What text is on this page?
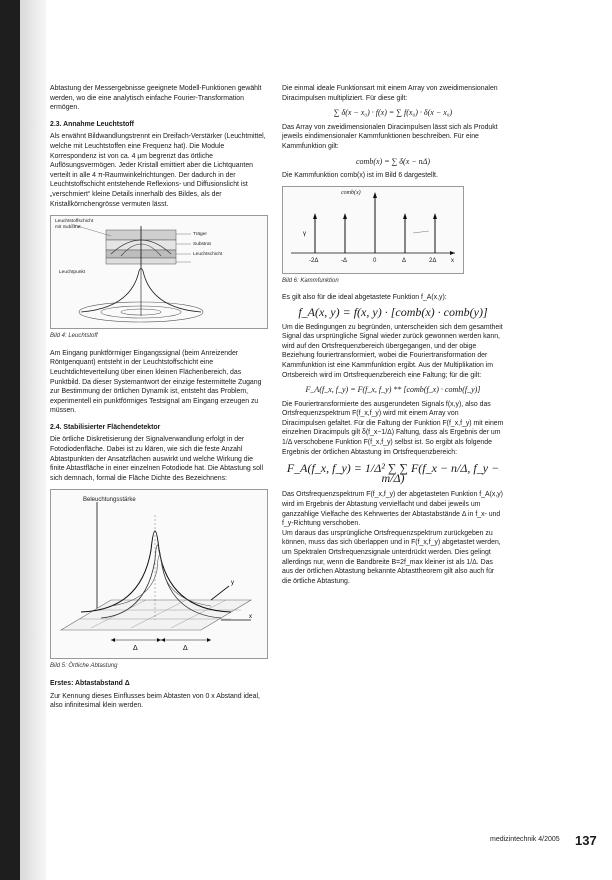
Abtastung der Messergebnisse geeignete Modell-Funktionen gewählt werden, wo die eine analytisch einfache Fourier-Transformation ermögen.

2.3. Annahme Leuchtstoff

Als erwähnt Bildwandlungstrennt ein Dreifach-Verstärker (Leuchtmittel, welche mit Leuchtstoffen eine Frequenz hat). Die Module Korrespondenz ist von ca. 4 µm begrenzt das örtliche Auflösungsvermögen. Jeder Kristall emittiert aber die Lichtquanten verteilt in alle 4 π-Raumwinkelrichtungen. Der dadurch in der Leuchtstoffschicht entstehende Reflexions- und Diffusionslicht ist „verschmiert“ kleine Details innerhalb des Bildes, als der Kristallkörnchengrösse vermuten lässt.

Leuchtstoffschicht mit Substrat
Träger
Substrat
Leuchtschicht
Leuchtpunkt
Bild 4: Leuchtstoff

Am Eingang punktförmiger Eingangssignal (beim Anreizender Röntgenquant) entsteht in der Leuchtstoffschicht eine Leuchtdichteverteilung über einen kleinen Flächenbereich, das Punktbild. Da dieser Systemantwort der einzige festermittelte Zugang zur Bestimmung der örtlichen Dynamik ist, entsteht das Problem, experimentell ein punktförmiges Testsignal am Eingang erzeugen zu müssen.

2.4. Stabilisierter Flächendetektor

Die örtliche Diskretisierung der Signalverwandlung erfolgt in der Fotodiodenfläche. Dabei ist zu klären, wie sich die feste Anzahl Abtastpunkten der Ansatzflächen auswirkt und welche Wirkung die finite Abtastfläche in einer einzelnen Fotodiode hat. Die Abtastung soll sich demnach, formal die Fläche Dichte des Bezeichnens:

Δ	Δ
y
x
Beleuchtungsstärke
Bild 5: Örtliche Abtastung
Erstes: Abtastabstand Δ

Zur Kennung dieses Einflusses beim Abtasten von 0 x Abstand ideal, also infinitesimal klein werden.

Die einmal ideale Funktionsart mit einem Array von zweidimensionalen Diracimpulsen multipliziert. Für diese gilt:

∑ δ(x − x₀) · f(x) = ∑ f(x₀) · δ(x − x₀)

Das Array von zweidimensionalen Diracimpulsen lässt sich als Produkt jeweils eindimensionaler Kammfunktionen beschreiben. Für eine Kammfunktion gilt:

comb(x) = ∑ δ(x − nΔ)

Die Kammfunktion comb(x) ist im Bild 6 dargestellt.

γ
comb(x)
-2Δ	-Δ	0	Δ	2Δ x
Bild 6: Kammfunktion

Es gilt also für die ideal abgetastete Funktion f_A(x,y):

f_A(x, y) = f(x, y) · [comb(x) · comb(y)]

Um die Bedingungen zu begründen, unterscheiden sich dem gesamtheit Signal das ursprüngliche Signal wieder zurück gewonnen werden kann, wird auf den Ortsfrequenzbereich übergegangen, und der obige Beziehung fouriertransformiert, wobei die Fouriertransformation der Kammfunktion ist eine Kammfunktion ergibt. Aus der Multiplikation im Ortsbereich wird im Ortsfrequenzbereich eine Faltung; für die gilt:

F_A(f_x, f_y) = F(f_x, f_y) ** [comb(f_x) · comb(f_y)]

Die Fouriertransformierte des ausgerundeten Signals f(x,y), also das Ortsfrequenzspektrum F(f_x,f_y) wird mit einem Array von Diracimpulsen gefaltet. Für die Faltung der Funktion F(f_x,f_y) mit einem einzelnen Diracimpuls gilt δ(f_x−1/Δ) Faltung, dass als Ergebnis der um 1/Δ verschobene Funktion F(f_x,f_y) selbst ist. So ergibt als folgende Ergebnis der örtlichen Abtastung im Ortsfrequenzbereich:

F_A(f_x, f_y) = 1/Δ² ∑ ∑ F(f_x − n/Δ, f_y − m/Δ)

Das Ortsfrequenzspektrum F(f_x,f_y) der abgetasteten Funktion f_A(x,y) wird im Ergebnis der Abtastung vervielfacht und dabei jeweils um ganzzahlige Vielfache des Kehrwertes der Abtastabstände Δ in f_x- und f_y-Richtung verschoben.

Um daraus das ursprüngliche Ortsfrequenzspektrum zurückgeben zu können, muss das sich überlappen und in F(f_x,f_y) abgetastet werden, um Spektralen Ortsfrequenzsignale unterdrückt werden. Dies gelingt allerdings nur, wenn die Bandbreite B=2f_max kleiner ist als 1/Δ. Das aus der örtlichen Abtastung bekannte Abtasttheorem gilt also auch für die örtliche Abtastung.

medizintechnik 4/2005 137
